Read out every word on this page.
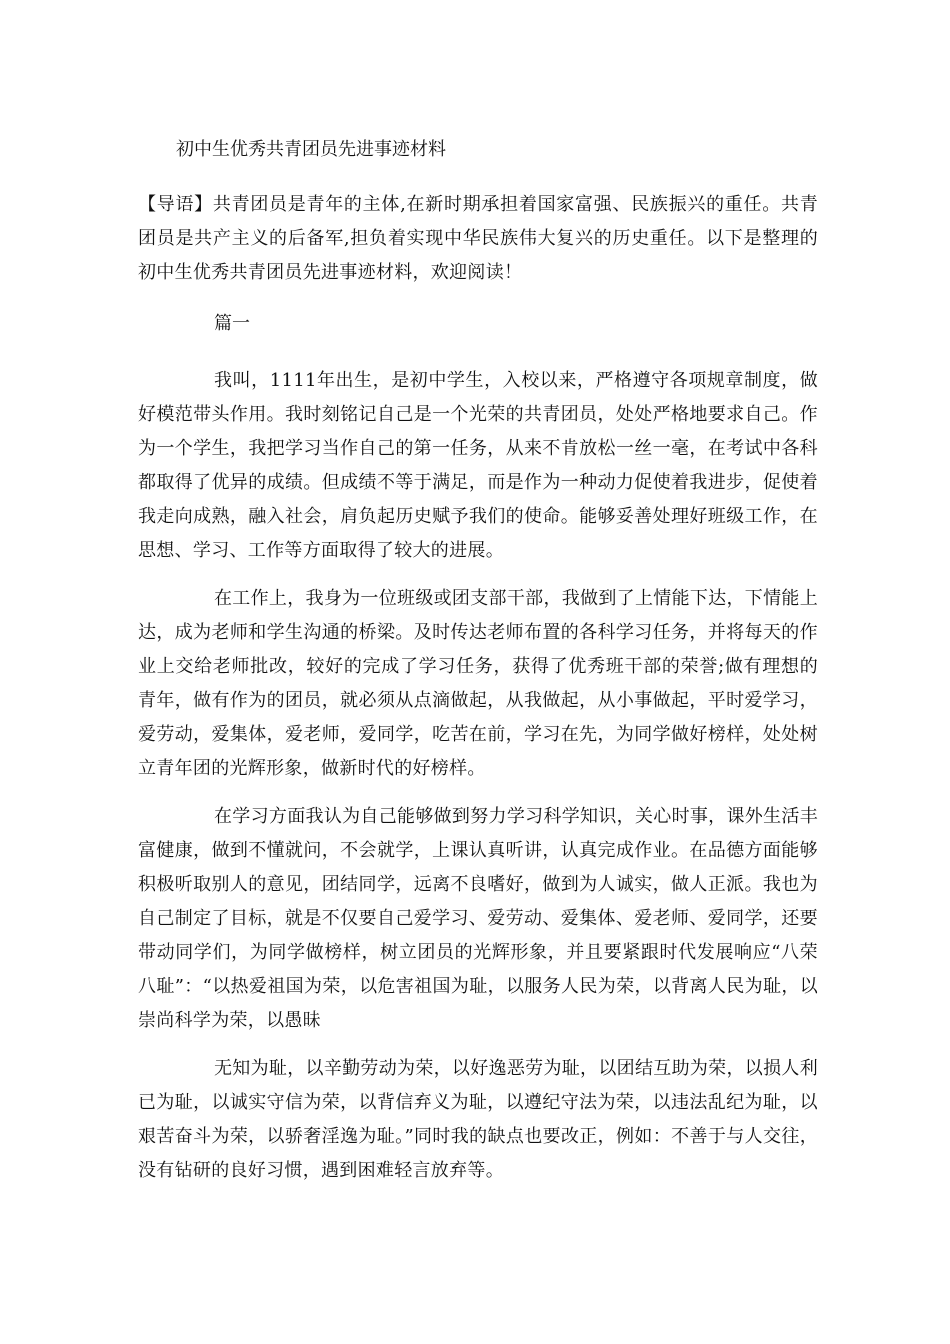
初中生优秀共青团员先进事迹材料

【导语】共青团员是青年的主体,在新时期承担着国家富强、民族振兴的重任。共青团员是共产主义的后备军,担负着实现中华民族伟大复兴的历史重任。以下是整理的初中生优秀共青团员先进事迹材料，欢迎阅读！

篇一

我叫，1111年出生，是初中学生，入校以来，严格遵守各项规章制度，做好模范带头作用。我时刻铭记自己是一个光荣的共青团员，处处严格地要求自己。作为一个学生，我把学习当作自己的第一任务，从来不肯放松一丝一毫，在考试中各科都取得了优异的成绩。但成绩不等于满足，而是作为一种动力促使着我进步，促使着我走向成熟，融入社会，肩负起历史赋予我们的使命。能够妥善处理好班级工作，在思想、学习、工作等方面取得了较大的进展。

在工作上，我身为一位班级或团支部干部，我做到了上情能下达，下情能上达，成为老师和学生沟通的桥梁。及时传达老师布置的各科学习任务，并将每天的作业上交给老师批改，较好的完成了学习任务，获得了优秀班干部的荣誉;做有理想的青年，做有作为的团员，就必须从点滴做起，从我做起，从小事做起，平时爱学习，爱劳动，爱集体，爱老师，爱同学，吃苦在前，学习在先，为同学做好榜样，处处树立青年团的光辉形象，做新时代的好榜样。

在学习方面我认为自己能够做到努力学习科学知识，关心时事，课外生活丰富健康，做到不懂就问，不会就学，上课认真听讲，认真完成作业。在品德方面能够积极听取别人的意见，团结同学，远离不良嗜好，做到为人诚实，做人正派。我也为自己制定了目标，就是不仅要自己爱学习、爱劳动、爱集体、爱老师、爱同学，还要带动同学们，为同学做榜样，树立团员的光辉形象，并且要紧跟时代发展响应“八荣八耻”：“以热爱祖国为荣，以危害祖国为耻，以服务人民为荣，以背离人民为耻，以崇尚科学为荣，以愚昧

无知为耻，以辛勤劳动为荣，以好逸恶劳为耻，以团结互助为荣，以损人利已为耻，以诚实守信为荣，以背信弃义为耻，以遵纪守法为荣，以违法乱纪为耻，以艰苦奋斗为荣，以骄奢淫逸为耻。”同时我的缺点也要改正，例如：不善于与人交往，没有钻研的良好习惯，遇到困难轻言放弃等。
